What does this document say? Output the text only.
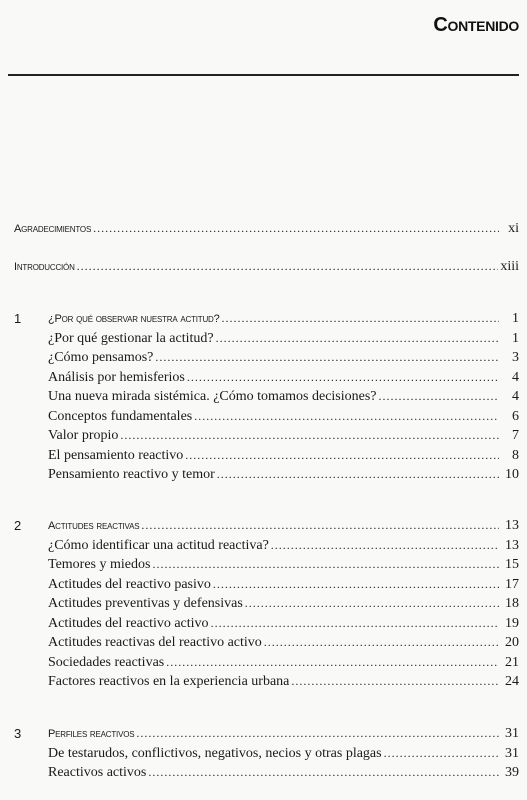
Contenido
Agradecimientos .....	xi
Introducción .....	xiii
1	¿Por qué observar nuestra actitud? .....	1
¿Por qué gestionar la actitud? .....	1
¿Cómo pensamos? .....	3
Análisis por hemisferios .....	4
Una nueva mirada sistémica. ¿Cómo tomamos decisiones? .....	4
Conceptos fundamentales .....	6
Valor propio .....	7
El pensamiento reactivo .....	8
Pensamiento reactivo y temor .....	10
2	Actitudes reactivas .....	13
¿Cómo identificar una actitud reactiva? .....	13
Temores y miedos .....	15
Actitudes del reactivo pasivo .....	17
Actitudes preventivas y defensivas .....	18
Actitudes del reactivo activo .....	19
Actitudes reactivas del reactivo activo .....	20
Sociedades reactivas .....	21
Factores reactivos en la experiencia urbana .....	24
3	Perfiles reactivos .....	31
De testarudos, conflictivos, negativos, necios y otras plagas .....	31
Reactivos activos .....	39
